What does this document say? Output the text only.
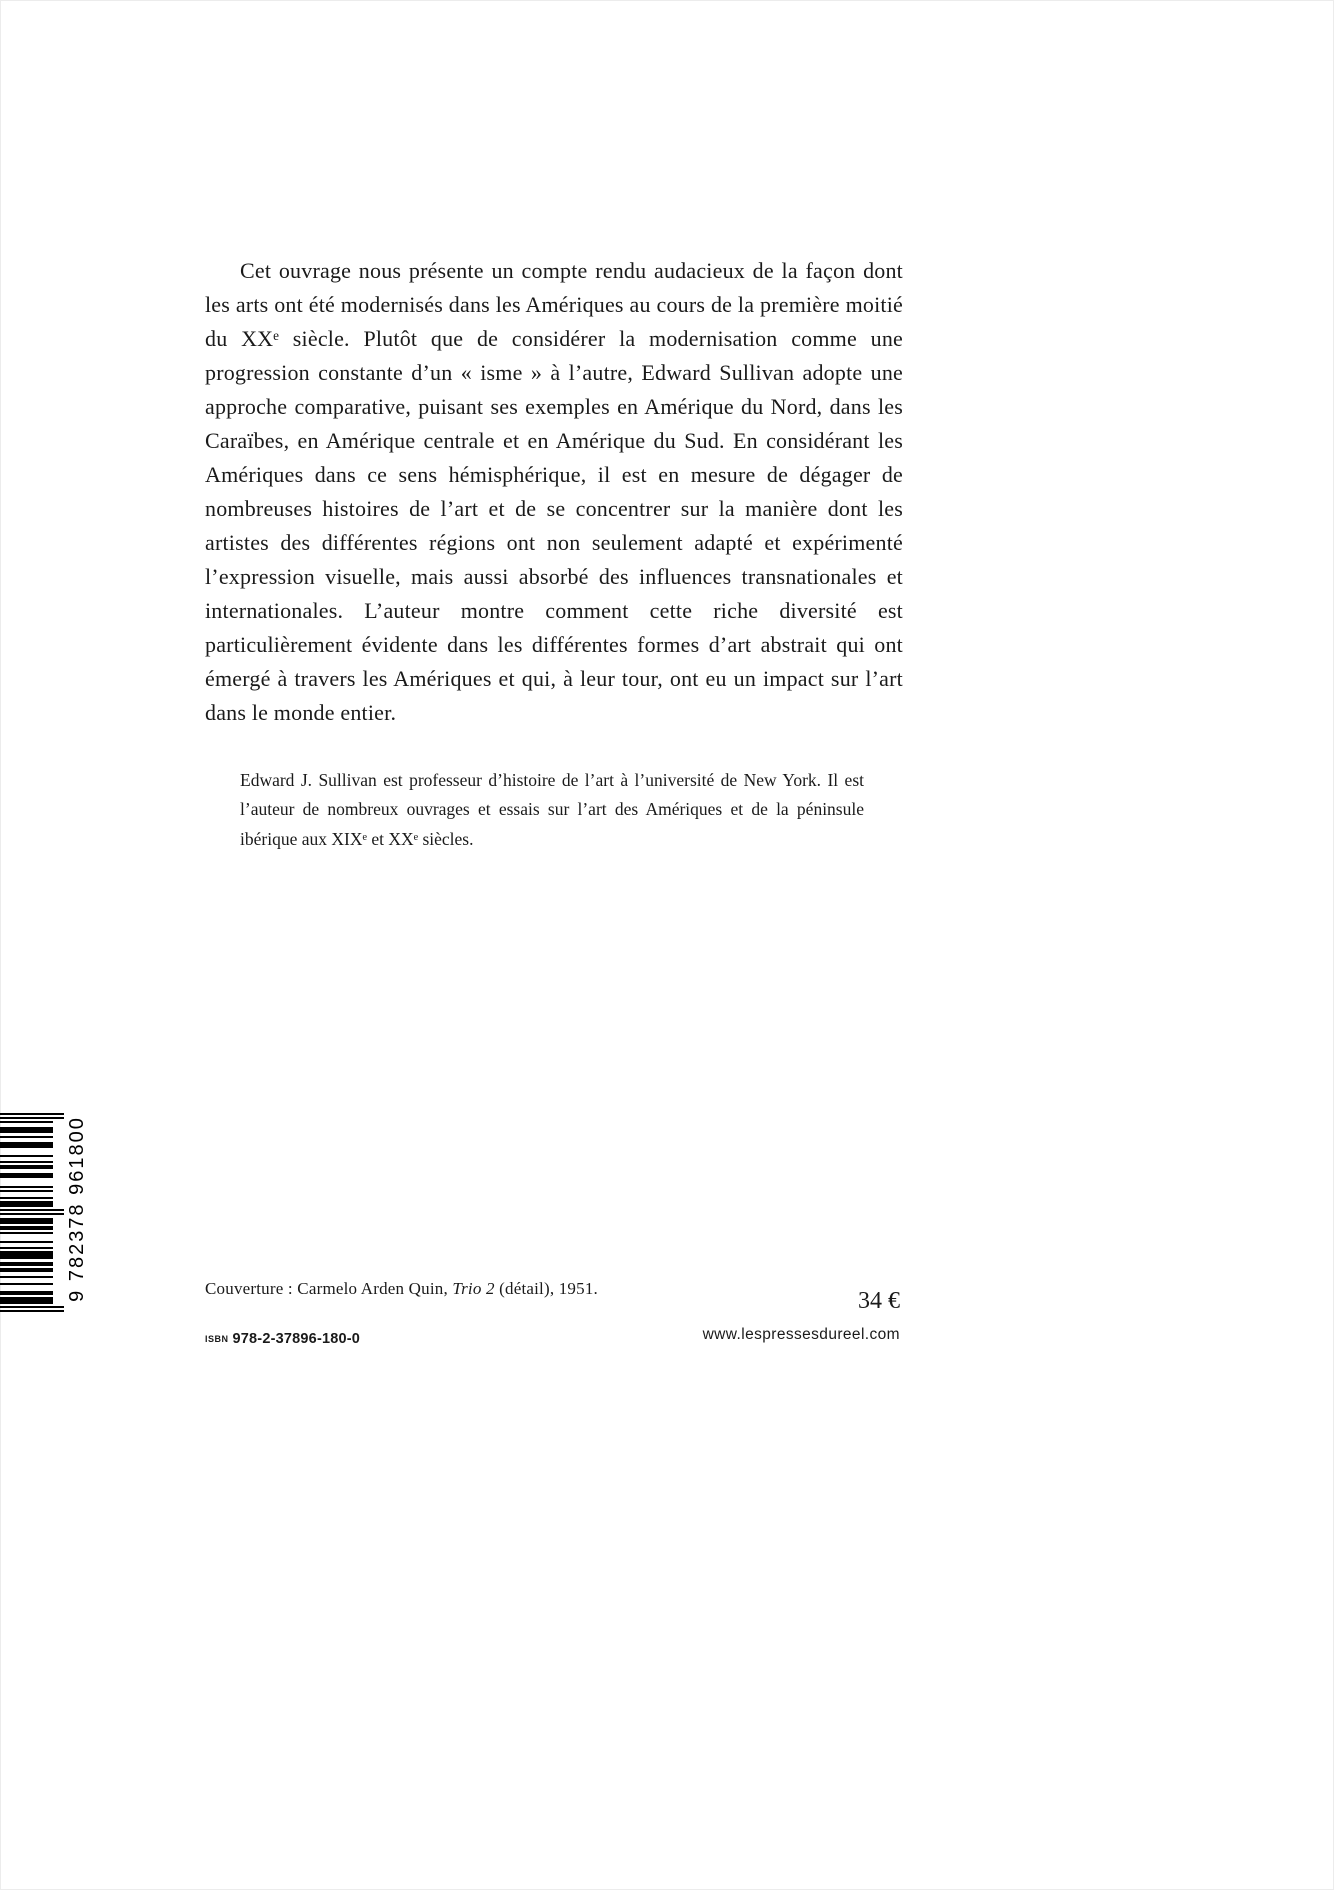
Cet ouvrage nous présente un compte rendu audacieux de la façon dont les arts ont été modernisés dans les Amériques au cours de la première moitié du XXᵉ siècle. Plutôt que de considérer la modernisation comme une progression constante d’un « isme » à l’autre, Edward Sullivan adopte une approche comparative, puisant ses exemples en Amérique du Nord, dans les Caraïbes, en Amérique centrale et en Amérique du Sud. En considérant les Amériques dans ce sens hémisphérique, il est en mesure de dégager de nombreuses histoires de l’art et de se concentrer sur la manière dont les artistes des différentes régions ont non seulement adapté et expérimenté l’expression visuelle, mais aussi absorbé des influences transnationales et internationales. L’auteur montre comment cette riche diversité est particulièrement évidente dans les différentes formes d’art abstrait qui ont émergé à travers les Amériques et qui, à leur tour, ont eu un impact sur l’art dans le monde entier.

Edward J. Sullivan est professeur d’histoire de l’art à l’université de New York. Il est l’auteur de nombreux ouvrages et essais sur l’art des Amériques et de la péninsule ibérique aux XIXᵉ et XXᵉ siècles.

9 782378 961800	Couverture : Carmelo Arden Quin, Trio 2 (détail), 1951.

ISBN 978-2-37896-180-0

34 €

www.lespressesdureel.com
